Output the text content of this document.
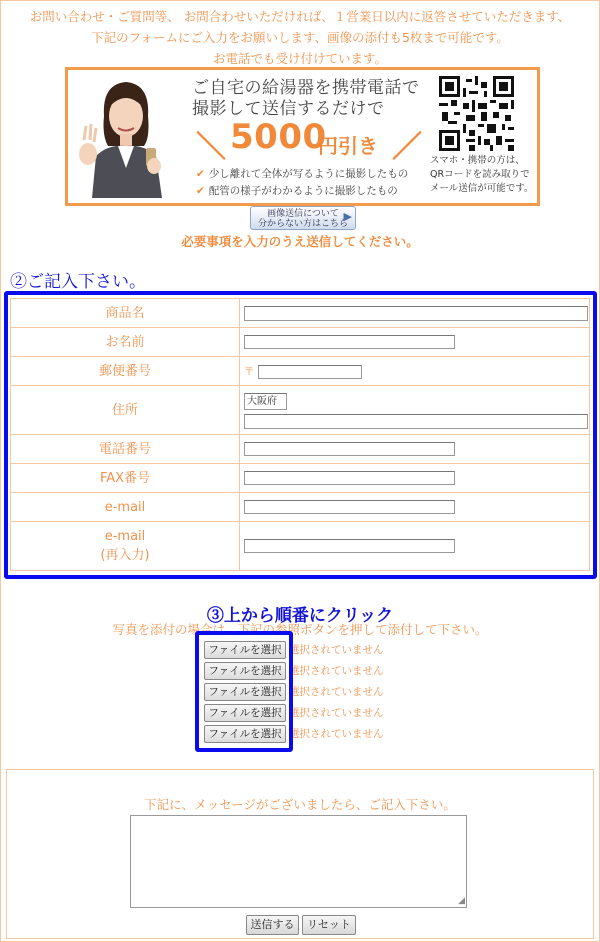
お問い合わせ・ご質問等、 お問合わせいただければ、１営業日以内に返答させていただきます、
下記のフォームにご入力をお願いします、画像の添付も5枚まで可能です。
お電話でも受け付けています。
ご自宅の給湯器を携帯電話で
撮影して送信するだけで
＼ 5000
円引き ／
✔ 少し離れて全体が写るように撮影したもの
✔ 配管の様子がわかるように撮影したもの
スマホ・携帯の方は、
QRコードを読み取りで
メール送信が可能です。
画像送信について
分からない方はこちら
▶
必要事項を入力のうえ送信してください。
②ご記入下さい。
商品名	
お名前	
郵便番号	〒
住所	大阪府

電話番号	
FAX番号	
e-mail	

e-mail
(再入力)	

写真を添付の場合は、下記の参照ボタンを押して添付して下さい。
③上から順番にクリック
ファイルを選択 選択されていません
ファイルを選択 選択されていません
ファイルを選択 選択されていません
ファイルを選択 選択されていません
ファイルを選択 選択されていません
下記に、メッセージがございましたら、ご記入下さい。
◢
送信する	リセット
